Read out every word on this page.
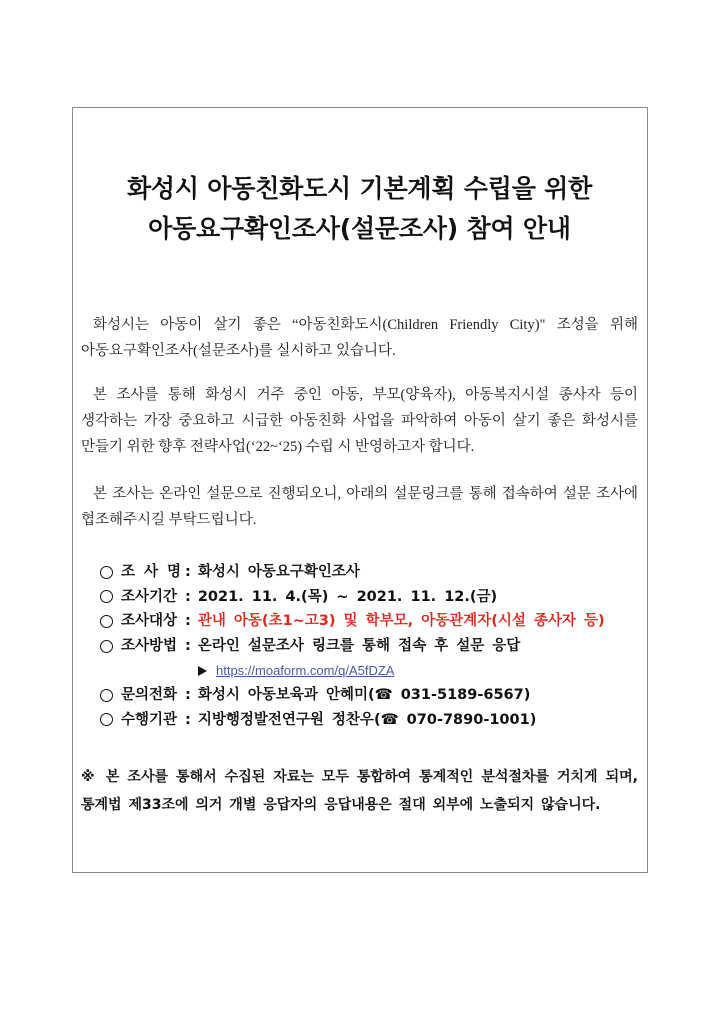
화성시 아동친화도시 기본계획 수립을 위한
아동요구확인조사(설문조사) 참여 안내
화성시는 아동이 살기 좋은 “아동친화도시(Children Friendly City)" 조성을 위해
아동요구확인조사(설문조사)를 실시하고 있습니다.
본 조사를 통해 화성시 거주 중인 아동, 부모(양육자), 아동복지시설 종사자 등이
생각하는 가장 중요하고 시급한 아동친화 사업을 파악하여 아동이 살기 좋은 화성시를
만들기 위한 향후 전략사업(‘22~‘25) 수립 시 반영하고자 합니다.
본 조사는 온라인 설문으로 진행되오니, 아래의 설문링크를 통해 접속하여 설문 조사에
협조해주시길 부탁드립니다.
조 사 명 : 화성시 아동요구확인조사
조사기간 : 2021. 11. 4.(목) ~ 2021. 11. 12.(금)
조사대상 : 관내 아동(초1~고3) 및 학부모, 아동관계자(시설 종사자 등)
조사방법 : 온라인 설문조사 링크를 통해 접속 후 설문 응답
https://moaform.com/q/A5fDZA
문의전화 : 화성시 아동보육과 안혜미(☎ 031-5189-6567)
수행기관 : 지방행정발전연구원 정찬우(☎ 070-7890-1001)
※ 본 조사를 통해서 수집된 자료는 모두 통합하여 통계적인 분석절차를 거치게 되며,
통계법 제33조에 의거 개별 응답자의 응답내용은 절대 외부에 노출되지 않습니다.
